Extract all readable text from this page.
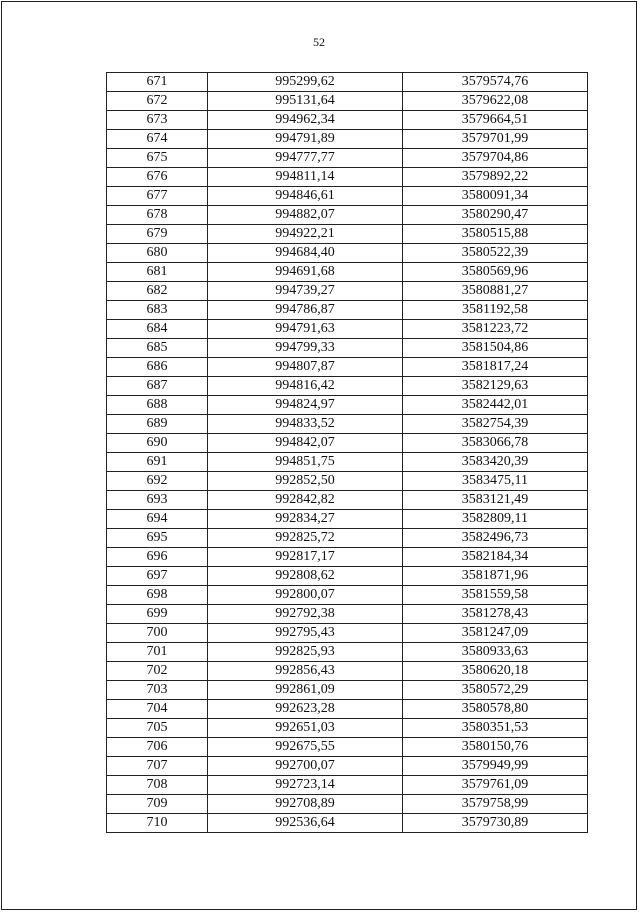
52
671	995299,62	3579574,76
672	995131,64	3579622,08
673	994962,34	3579664,51
674	994791,89	3579701,99
675	994777,77	3579704,86
676	994811,14	3579892,22
677	994846,61	3580091,34
678	994882,07	3580290,47
679	994922,21	3580515,88
680	994684,40	3580522,39
681	994691,68	3580569,96
682	994739,27	3580881,27
683	994786,87	3581192,58
684	994791,63	3581223,72
685	994799,33	3581504,86
686	994807,87	3581817,24
687	994816,42	3582129,63
688	994824,97	3582442,01
689	994833,52	3582754,39
690	994842,07	3583066,78
691	994851,75	3583420,39
692	992852,50	3583475,11
693	992842,82	3583121,49
694	992834,27	3582809,11
695	992825,72	3582496,73
696	992817,17	3582184,34
697	992808,62	3581871,96
698	992800,07	3581559,58
699	992792,38	3581278,43
700	992795,43	3581247,09
701	992825,93	3580933,63
702	992856,43	3580620,18
703	992861,09	3580572,29
704	992623,28	3580578,80
705	992651,03	3580351,53
706	992675,55	3580150,76
707	992700,07	3579949,99
708	992723,14	3579761,09
709	992708,89	3579758,99
710	992536,64	3579730,89
